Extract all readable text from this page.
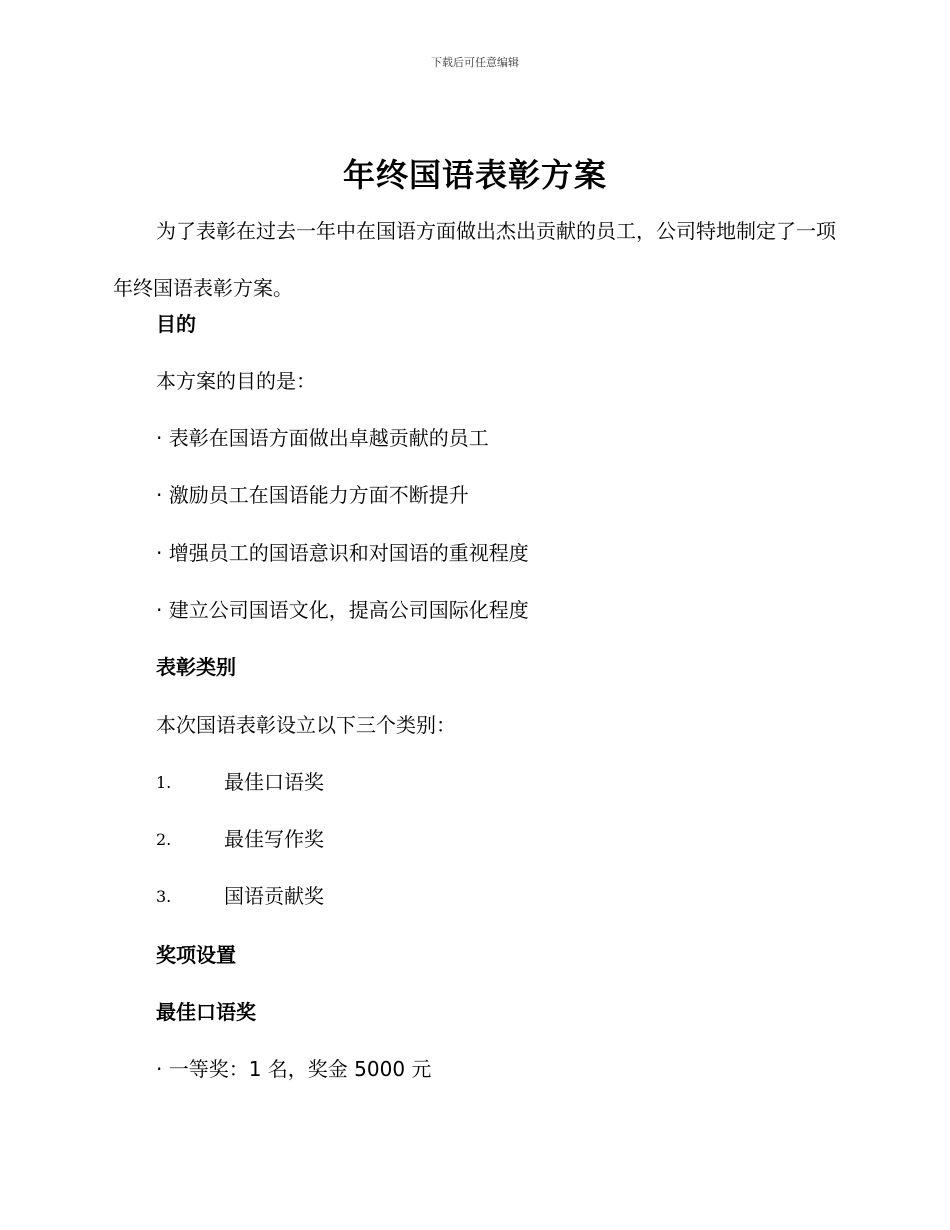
下载后可任意编辑
年终国语表彰方案

为了表彰在过去一年中在国语方面做出杰出贡献的员工，公司特地制定了一项年终国语表彰方案。

目的
本方案的目的是：
· 表彰在国语方面做出卓越贡献的员工
· 激励员工在国语能力方面不断提升
· 增强员工的国语意识和对国语的重视程度
· 建立公司国语文化，提高公司国际化程度
表彰类别
本次国语表彰设立以下三个类别：
1.	最佳口语奖
2.	最佳写作奖
3.	国语贡献奖
奖项设置
最佳口语奖
· 一等奖：1 名，奖金 5000 元
